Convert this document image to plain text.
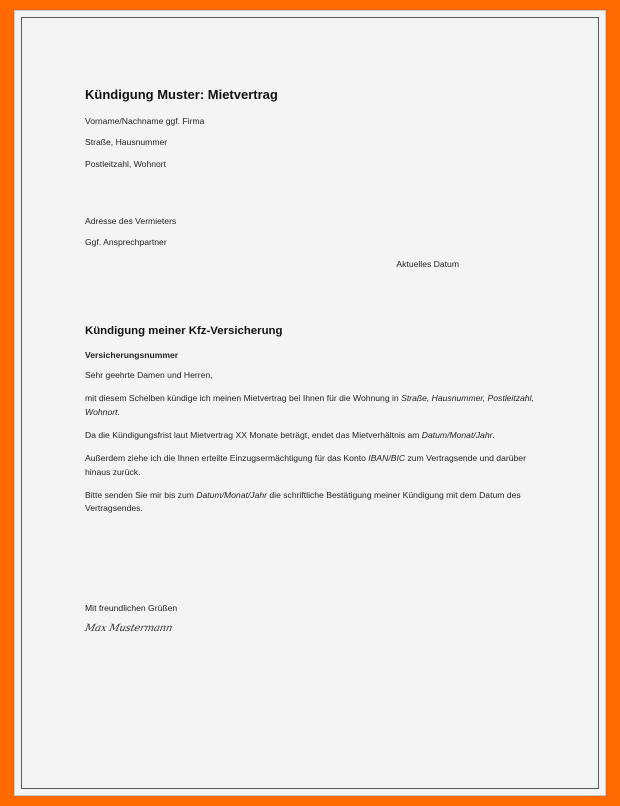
Kündigung Muster: Mietvertrag
Vorname/Nachname ggf. Firma
Straße, Hausnummer
Postleitzahl, Wohnort
Adresse des Vermieters
Ggf. Ansprechpartner
Aktuelles Datum
Kündigung meiner Kfz-Versicherung
Versicherungsnummer
Sehr geehrte Damen und Herren,
mit diesem Schelben kündige ich meinen Mietvertrag bei Ihnen für die Wohnung in Straße, Hausnummer, Postleitzahl, Wohnort.
Da die Kündigungsfrist laut Mietvertrag XX Monate beträgt, endet das Mietverhältnis am Datum/Monat/Jahr.
Außerdem ziehe ich die Ihnen erteilte Einzugsermächtigung für das Konto IBAN/BIC zum Vertragsende und darüber hinaus zurück.
Bitte senden Sie mir bis zum Datum/Monat/Jahr die schriftliche Bestätigung meiner Kündigung mit dem Datum des Vertragsendes.
Mit freundlichen Grüßen
Max Mustermann
